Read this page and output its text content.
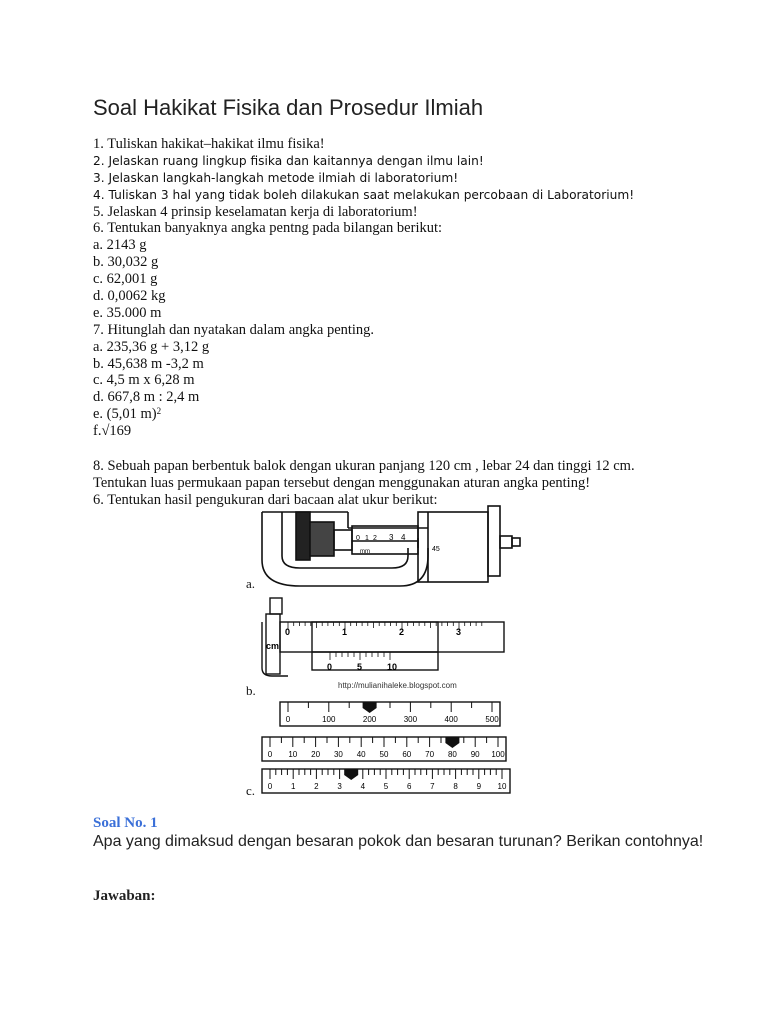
Soal Hakikat Fisika dan Prosedur Ilmiah
1. Tuliskan hakikat–hakikat ilmu fisika!
2. Jelaskan ruang lingkup fisika dan kaitannya dengan ilmu lain!
3. Jelaskan langkah-langkah metode ilmiah di laboratorium!
4. Tuliskan 3 hal yang tidak boleh dilakukan saat melakukan percobaan di Laboratorium!
5. Jelaskan 4 prinsip keselamatan kerja di laboratorium!
6. Tentukan banyaknya angka pentng pada bilangan berikut:
a. 2143 g
b. 30,032 g
c. 62,001 g
d. 0,0062 kg
e. 35.000 m
7. Hitunglah dan nyatakan dalam angka penting.
a. 235,36 g + 3,12 g
b. 45,638 m -3,2 m
c. 4,5 m x 6,28 m
d. 667,8 m : 2,4 m
e. (5,01 m)$^2$
f.√169
8. Sebuah papan berbentuk balok dengan ukuran panjang 120 cm , lebar 24 dan tinggi 12 cm.
Tentukan luas permukaan papan tersebut dengan menggunakan aturan angka penting!
6. Tentukan hasil pengukuran dari bacaan alat ukur berikut:
0 1 2 3 4
mm	45
cm
0	1	2	3
0	5	10
http://mulianihaleke.blogspot.com
0	100	200	300	400	500
0 10 20 30 40 50 60 70 80 90 100
0 1 2 3 4 5 6 7 8 9 10
a.
b.
c.
Soal No. 1
Apa yang dimaksud dengan besaran pokok dan besaran turunan? Berikan contohnya!
Jawaban:
